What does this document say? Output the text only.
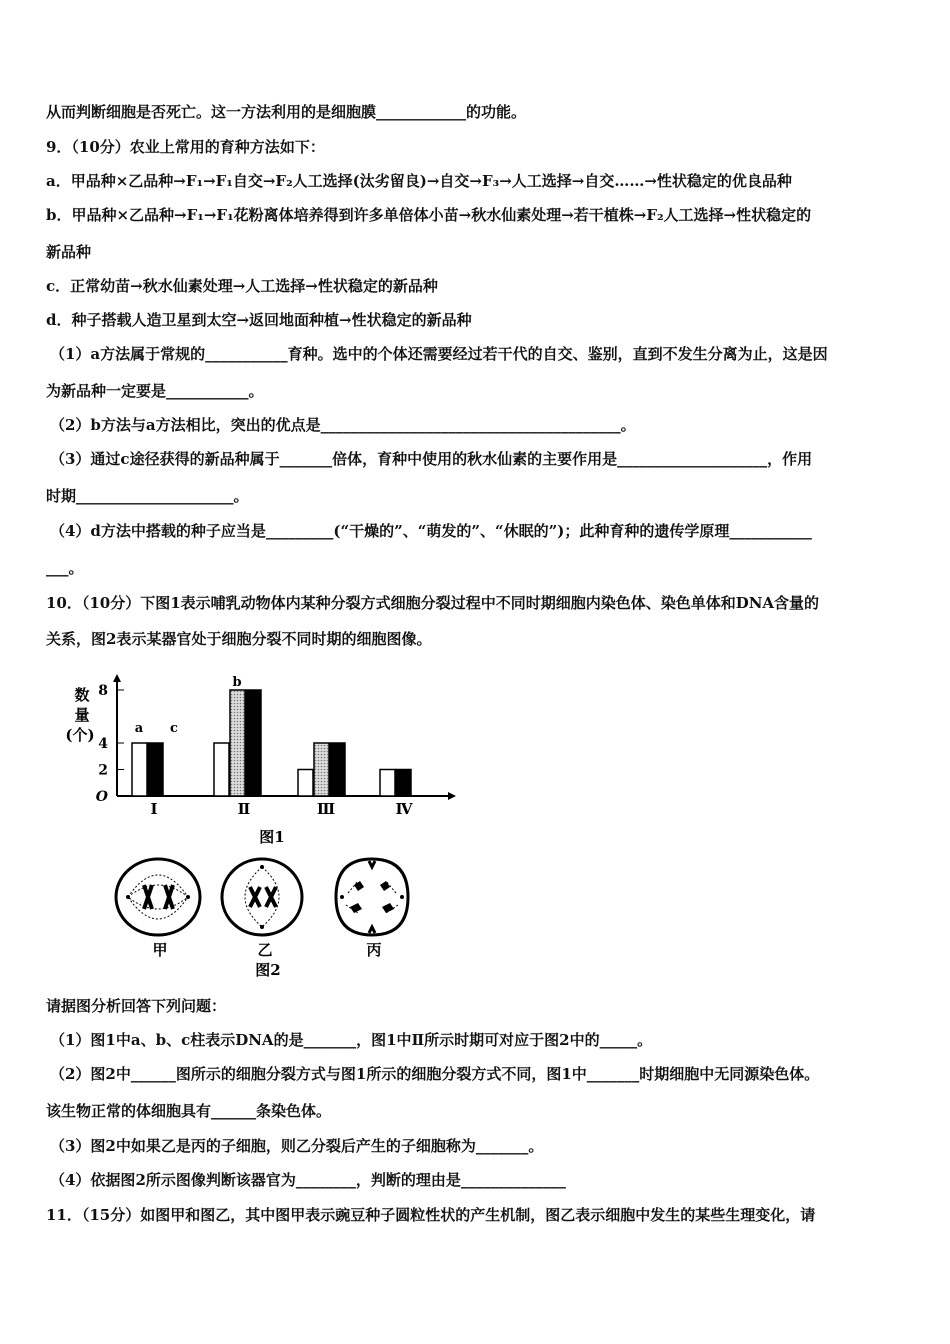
从而判断细胞是否死亡。这一方法利用的是细胞膜____________的功能。
9．（10分）农业上常用的育种方法如下：
a．甲品种×乙品种→F₁→F₁自交→F₂人工选择(汰劣留良)→自交→F₃→人工选择→自交……→性状稳定的优良品种
b．甲品种×乙品种→F₁→F₁花粉离体培养得到许多单倍体小苗→秋水仙素处理→若干植株→F₂人工选择→性状稳定的
新品种
c．正常幼苗→秋水仙素处理→人工选择→性状稳定的新品种
d．种子搭载人造卫星到太空→返回地面种植→性状稳定的新品种
（1）a方法属于常规的___________育种。选中的个体还需要经过若干代的自交、鉴别，直到不发生分离为止，这是因
为新品种一定要是___________。
（2）b方法与a方法相比，突出的优点是________________________________________。
（3）通过c途径获得的新品种属于_______倍体，育种中使用的秋水仙素的主要作用是____________________，作用
时期_____________________。
（4）d方法中搭载的种子应当是_________(“干燥的”、“萌发的”、“休眠的”)；此种育种的遗传学原理___________
___。
10．（10分）下图1表示哺乳动物体内某种分裂方式细胞分裂过程中不同时期细胞内染色体、染色单体和DNA含量的
关系，图2表示某器官处于细胞分裂不同时期的细胞图像。
请据图分析回答下列问题：
（1）图1中a、b、c柱表示DNA的是_______，图1中Ⅱ所示时期可对应于图2中的_____。
（2）图2中______图所示的细胞分裂方式与图1所示的细胞分裂方式不同，图1中_______时期细胞中无同源染色体。
该生物正常的体细胞具有______条染色体。
（3）图2中如果乙是丙的子细胞，则乙分裂后产生的子细胞称为_______。
（4）依据图2所示图像判断该器官为________，判断的理由是______________
11．（15分）如图甲和图乙，其中图甲表示豌豆种子圆粒性状的产生机制，图乙表示细胞中发生的某些生理变化，请
数
量
(个)
8
4
2
O
a c
b
Ⅰ	Ⅱ	Ⅲ	Ⅳ
图1
甲	乙	丙
图2
